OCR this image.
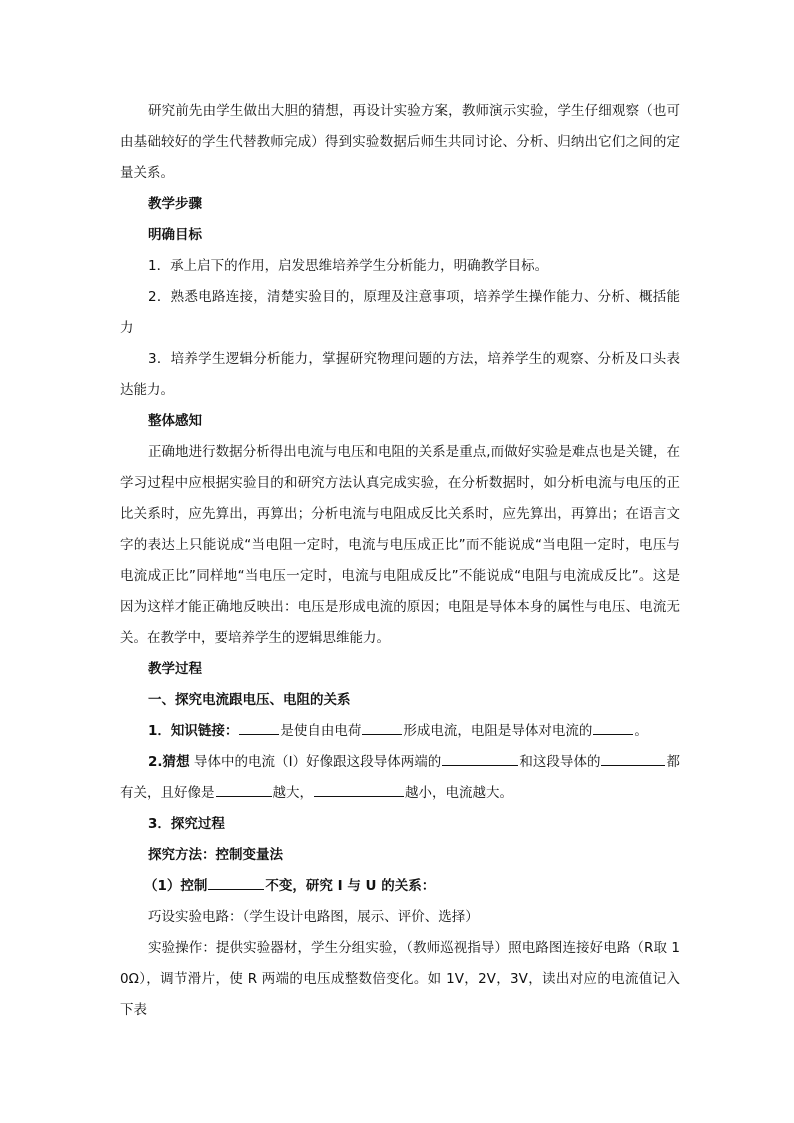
研究前先由学生做出大胆的猜想，再设计实验方案，教师演示实验，学生仔细观察（也可由基础较好的学生代替教师完成）得到实验数据后师生共同讨论、分析、归纳出它们之间的定量关系。

教学步骤

明确目标

1．承上启下的作用，启发思维培养学生分析能力，明确教学目标。

2．熟悉电路连接，清楚实验目的，原理及注意事项，培养学生操作能力、分析、概括能力

3．培养学生逻辑分析能力，掌握研究物理问题的方法，培养学生的观察、分析及口头表达能力。

整体感知

正确地进行数据分析得出电流与电压和电阻的关系是重点,而做好实验是难点也是关键，在学习过程中应根据实验目的和研究方法认真完成实验，在分析数据时，如分析电流与电压的正比关系时，应先算出，再算出；分析电流与电阻成反比关系时，应先算出，再算出；在语言文字的表达上只能说成“当电阻一定时，电流与电压成正比”而不能说成“当电阻一定时，电压与电流成正比”同样地“当电压一定时，电流与电阻成反比”不能说成“电阻与电流成反比”。这是因为这样才能正确地反映出：电压是形成电流的原因；电阻是导体本身的属性与电压、电流无关。在教学中，要培养学生的逻辑思维能力。

教学过程

一、探究电流跟电压、电阻的关系

1．知识链接：	是使自由电荷	形成电流，电阻是导体对电流的	。

2.猜想 导体中的电流（I）好像跟这段导体两端的	和这段导体的	都有关，且好像是	越大，	越小，电流越大。

3．探究过程

探究方法：控制变量法

（1）控制	不变，研究 I 与 U 的关系：

巧设实验电路：（学生设计电路图，展示、评价、选择）

实验操作：提供实验器材，学生分组实验，（教师巡视指导）照电路图连接好电路（R取 10Ω），调节滑片，使 R 两端的电压成整数倍变化。如 1V，2V，3V，读出对应的电流值记入下表
